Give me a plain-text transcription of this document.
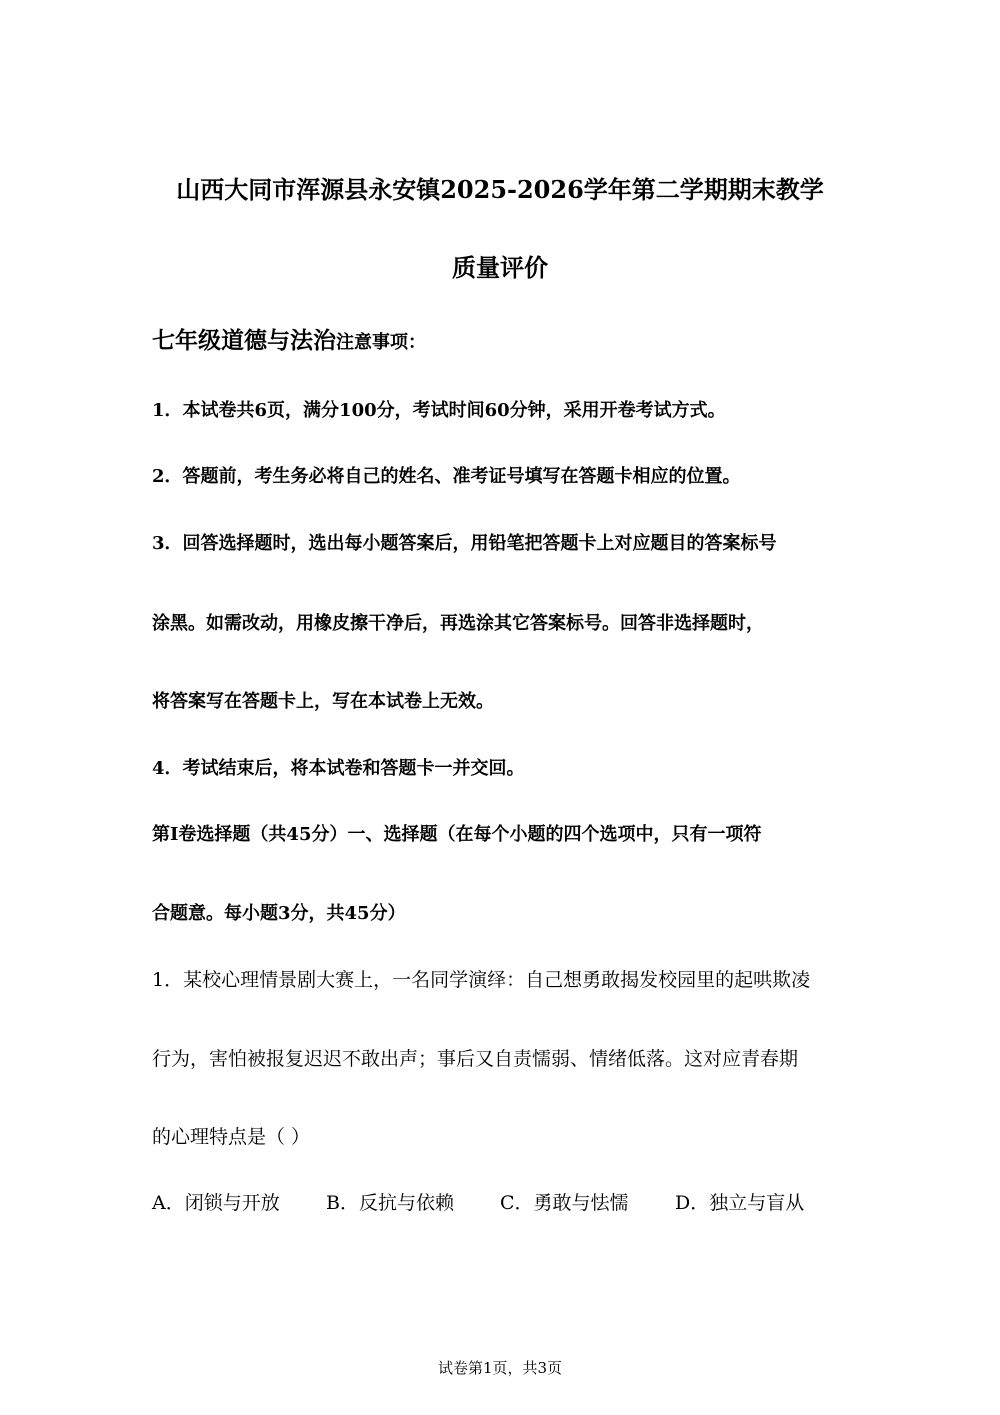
山西大同市浑源县永安镇2025-2026学年第二学期期末教学
质量评价
七年级道德与法治注意事项：
1．本试卷共6页，满分100分，考试时间60分钟，采用开卷考试方式。
2．答题前，考生务必将自己的姓名、准考证号填写在答题卡相应的位置。
3．回答选择题时，选出每小题答案后，用铅笔把答题卡上对应题目的答案标号
涂黑。如需改动，用橡皮擦干净后，再选涂其它答案标号。回答非选择题时，
将答案写在答题卡上，写在本试卷上无效。
4．考试结束后，将本试卷和答题卡一并交回。
第Ⅰ卷选择题（共45分）一、选择题（在每个小题的四个选项中，只有一项符
合题意。每小题3分，共45分）
1．某校心理情景剧大赛上，一名同学演绎：自己想勇敢揭发校园里的起哄欺凌
行为，害怕被报复迟迟不敢出声；事后又自责懦弱、情绪低落。这对应青春期
的心理特点是（ ）
A．闭锁与开放 B．反抗与依赖 C．勇敢与怯懦 D．独立与盲从
试卷第1页，共3页
